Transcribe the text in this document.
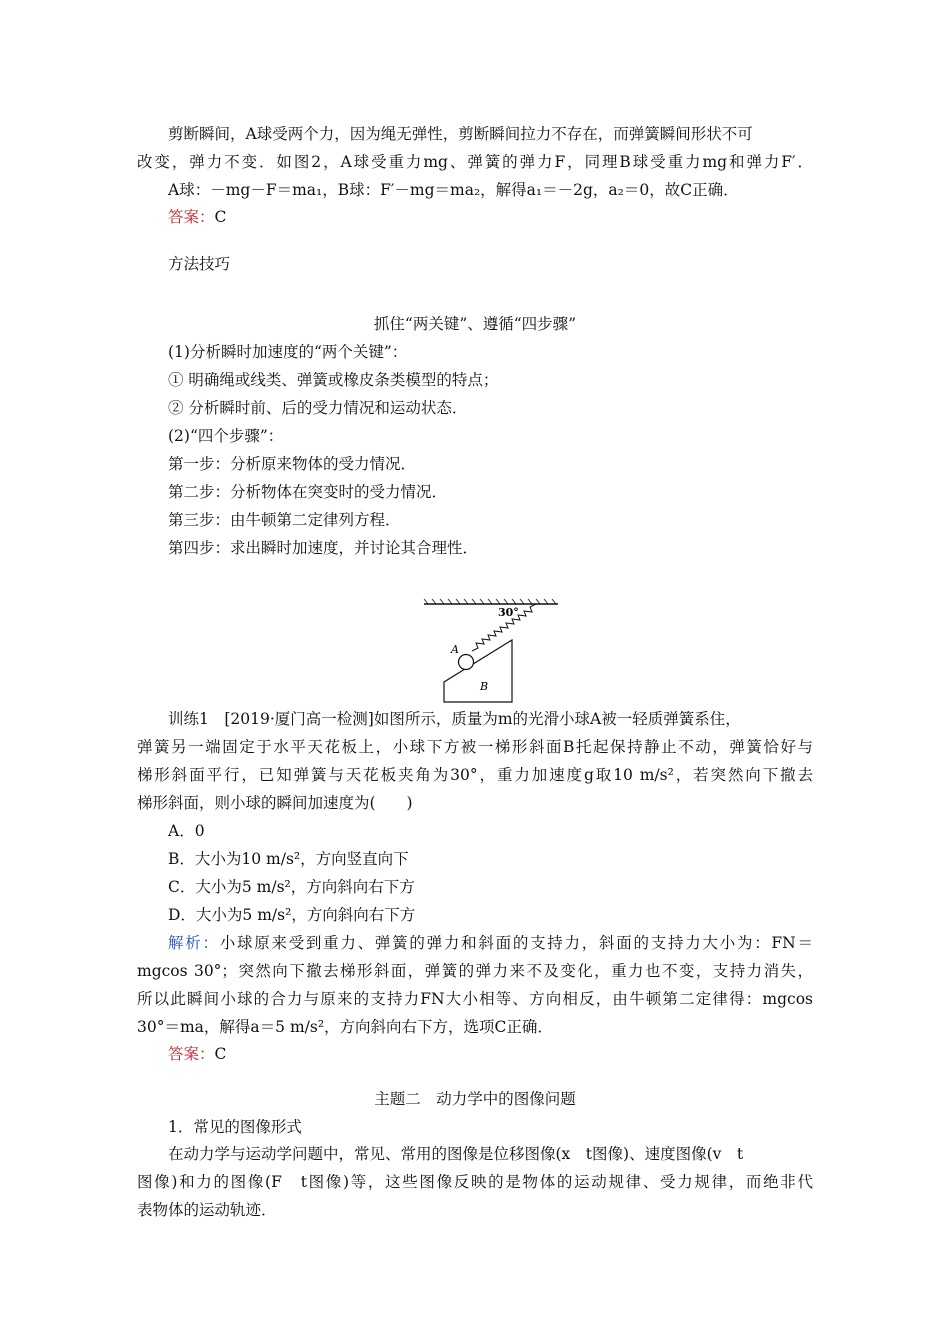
剪断瞬间，A球受两个力，因为绳无弹性，剪断瞬间拉力不存在，而弹簧瞬间形状不可
改变，弹力不变．如图2，A球受重力mg、弹簧的弹力F，同理B球受重力mg和弹力F′．
A球：－mg－F＝ma₁，B球：F′－mg＝ma₂，解得a₁＝－2g，a₂＝0，故C正确．
答案：C
方法技巧
抓住“两关键”、遵循“四步骤”
(1)分析瞬时加速度的“两个关键”：
① 明确绳或线类、弹簧或橡皮条类模型的特点；
② 分析瞬时前、后的受力情况和运动状态．
(2)“四个步骤”：
第一步：分析原来物体的受力情况．
第二步：分析物体在突变时的受力情况．
第三步：由牛顿第二定律列方程．
第四步：求出瞬时加速度，并讨论其合理性．
30°
A
B
训练1　[2019·厦门高一检测]如图所示，质量为m的光滑小球A被一轻质弹簧系住，
弹簧另一端固定于水平天花板上，小球下方被一梯形斜面B托起保持静止不动，弹簧恰好与
梯形斜面平行，已知弹簧与天花板夹角为30°，重力加速度g取10 m/s²，若突然向下撤去
梯形斜面，则小球的瞬间加速度为(　　)
A．0
B．大小为10 m/s²，方向竖直向下
C．大小为5 m/s²，方向斜向右下方
D．大小为5 m/s²，方向斜向右下方
解析：小球原来受到重力、弹簧的弹力和斜面的支持力，斜面的支持力大小为：FN＝
mgcos 30°；突然向下撤去梯形斜面，弹簧的弹力来不及变化，重力也不变，支持力消失，
所以此瞬间小球的合力与原来的支持力FN大小相等、方向相反，由牛顿第二定律得：mgcos
30°＝ma，解得a＝5 m/s²，方向斜向右下方，选项C正确．
答案：C
主题二　动力学中的图像问题
1．常见的图像形式
在动力学与运动学问题中，常见、常用的图像是位移图像(x　t图像)、速度图像(v　t
图像)和力的图像(F　t图像)等，这些图像反映的是物体的运动规律、受力规律，而绝非代
表物体的运动轨迹．
